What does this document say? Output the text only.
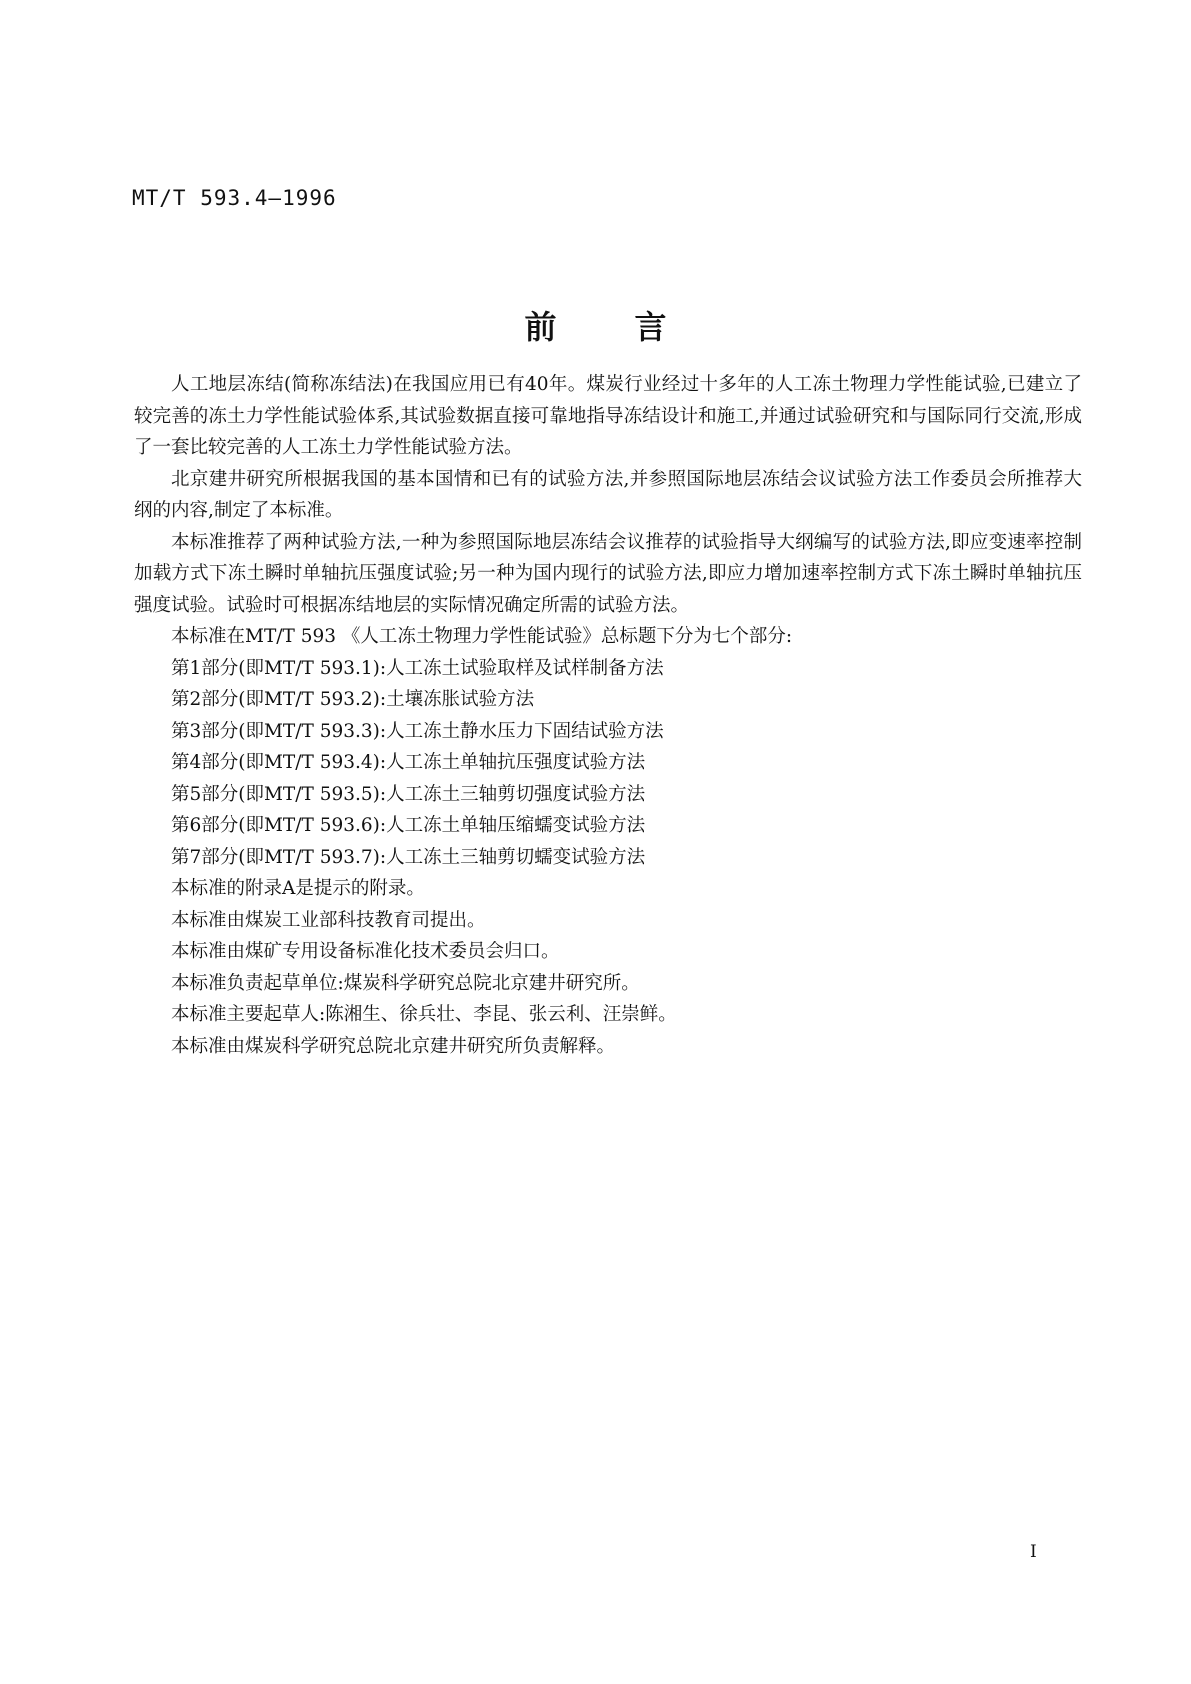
MT/T 593.4—1996
前言

人工地层冻结(简称冻结法)在我国应用已有40年。煤炭行业经过十多年的人工冻土物理力学性能试验,已建立了较完善的冻土力学性能试验体系,其试验数据直接可靠地指导冻结设计和施工,并通过试验研究和与国际同行交流,形成了一套比较完善的人工冻土力学性能试验方法。

北京建井研究所根据我国的基本国情和已有的试验方法,并参照国际地层冻结会议试验方法工作委员会所推荐大纲的内容,制定了本标准。

本标准推荐了两种试验方法,一种为参照国际地层冻结会议推荐的试验指导大纲编写的试验方法,即应变速率控制加载方式下冻土瞬时单轴抗压强度试验;另一种为国内现行的试验方法,即应力增加速率控制方式下冻土瞬时单轴抗压强度试验。试验时可根据冻结地层的实际情况确定所需的试验方法。

本标准在MT/T 593 《人工冻土物理力学性能试验》总标题下分为七个部分:

第1部分(即MT/T 593.1):人工冻土试验取样及试样制备方法

第2部分(即MT/T 593.2):土壤冻胀试验方法

第3部分(即MT/T 593.3):人工冻土静水压力下固结试验方法

第4部分(即MT/T 593.4):人工冻土单轴抗压强度试验方法

第5部分(即MT/T 593.5):人工冻土三轴剪切强度试验方法

第6部分(即MT/T 593.6):人工冻土单轴压缩蠕变试验方法

第7部分(即MT/T 593.7):人工冻土三轴剪切蠕变试验方法

本标准的附录A是提示的附录。

本标准由煤炭工业部科技教育司提出。

本标准由煤矿专用设备标准化技术委员会归口。

本标准负责起草单位:煤炭科学研究总院北京建井研究所。

本标准主要起草人:陈湘生、徐兵壮、李昆、张云利、汪崇鲜。

本标准由煤炭科学研究总院北京建井研究所负责解释。

I
